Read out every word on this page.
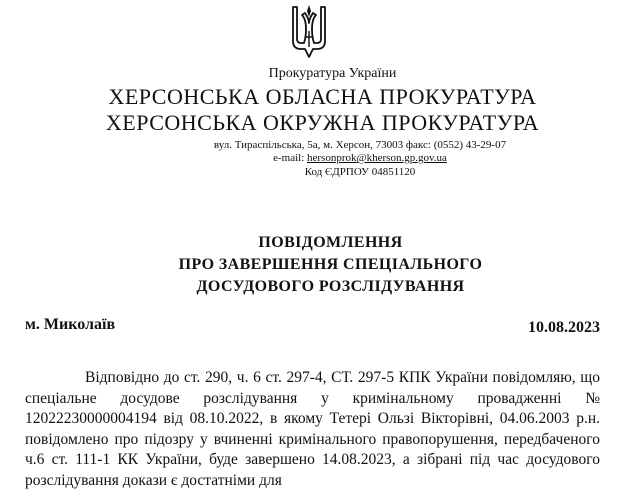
Прокуратура України
ХЕРСОНСЬКА ОБЛАСНА ПРОКУРАТУРА
ХЕРСОНСЬКА ОКРУЖНА ПРОКУРАТУРА
вул. Тираспільська, 5а, м. Херсон, 73003 факс: (0552) 43-29-07
e-mail: hersonprok@kherson.gp.gov.ua
Код ЄДРПОУ 04851120
ПОВІДОМЛЕННЯ
ПРО ЗАВЕРШЕННЯ СПЕЦІАЛЬНОГО
ДОСУДОВОГО РОЗСЛІДУВАННЯ
м. Миколаїв	10.08.2023
Відповідно до ст. 290, ч. 6 ст. 297-4, СТ. 297-5 КПК України повідомляю, що спеціальне досудове розслідування у кримінальному провадженні № 12022230000004194 від 08.10.2022, в якому Тетері Ользі Вікторівні, 04.06.2003 р.н. повідомлено про підозру у вчиненні кримінального правопорушення, передбаченого ч.6 ст. 111-1 КК України, буде завершено 14.08.2023, а зібрані під час досудового розслідування докази є достатніми для
